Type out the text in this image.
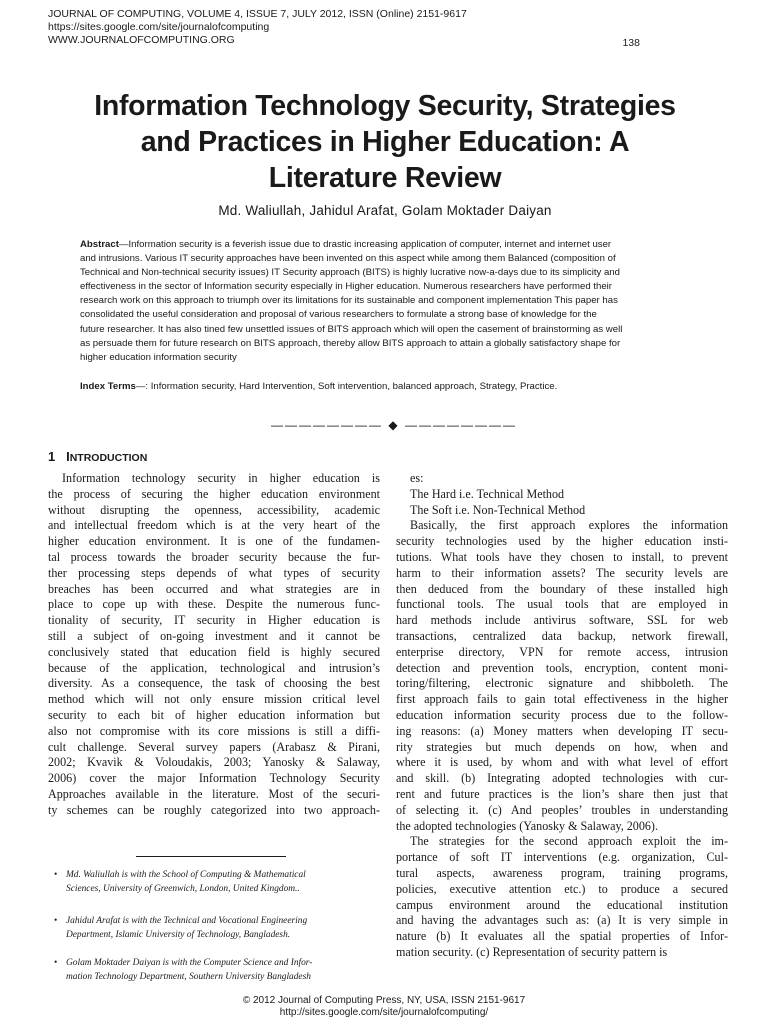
JOURNAL OF COMPUTING, VOLUME 4, ISSUE 7, JULY 2012, ISSN (Online) 2151-9617
https://sites.google.com/site/journalofcomputing
WWW.JOURNALOFCOMPUTING.ORG	138
Information Technology Security, Strategies
and Practices in Higher Education: A
Literature Review
Md. Waliullah, Jahidul Arafat, Golam Moktader Daiyan
Abstract—Information security is a feverish issue due to drastic increasing application of computer, internet and internet user
and intrusions. Various IT security approaches have been invented on this aspect while among them Balanced (composition of
Technical and Non-technical security issues) IT Security approach (BITS) is highly lucrative now-a-days due to its simplicity and
effectiveness in the sector of Information security especially in Higher education. Numerous researchers have performed their
research work on this approach to triumph over its limitations for its sustainable and component implementation This paper has
consolidated the useful consideration and proposal of various researchers to formulate a strong base of knowledge for the
future researcher. It has also tined few unsettled issues of BITS approach which will open the casement of brainstorming as well
as persuade them for future research on BITS approach, thereby allow BITS approach to attain a globally satisfactory shape for
higher education information security
Index Terms—: Information security, Hard Intervention, Soft intervention, balanced approach, Strategy, Practice.
———————— ◆ ————————
1 INTRODUCTION
Information technology security in higher education is
the process of securing the higher education environment
without disrupting the openness, accessibility, academic
and intellectual freedom which is at the very heart of the
higher education environment. It is one of the fundamen-
tal process towards the broader security because the fur-
ther processing steps depends of what types of security
breaches has been occurred and what strategies are in
place to cope up with these. Despite the numerous func-
tionality of security, IT security in Higher education is
still a subject of on-going investment and it cannot be
conclusively stated that education field is highly secured
because of the application, technological and intrusion’s
diversity. As a consequence, the task of choosing the best
method which will not only ensure mission critical level
security to each bit of higher education information but
also not compromise with its core missions is still a diffi-
cult challenge. Several survey papers (Arabasz & Pirani,
2002; Kvavik & Voloudakis, 2003; Yanosky & Salaway,
2006) cover the major Information Technology Security
Approaches available in the literature. Most of the securi-
ty schemes can be roughly categorized into two approach-
es:
The Hard i.e. Technical Method
The Soft i.e. Non-Technical Method
Basically, the first approach explores the information
security technologies used by the higher education insti-
tutions. What tools have they chosen to install, to prevent
harm to their information assets? The security levels are
then deduced from the boundary of these installed high
functional tools. The usual tools that are employed in
hard methods include antivirus software, SSL for web
transactions, centralized data backup, network firewall,
enterprise directory, VPN for remote access, intrusion
detection and prevention tools, encryption, content moni-
toring/filtering, electronic signature and shibboleth. The
first approach fails to gain total effectiveness in the higher
education information security process due to the follow-
ing reasons: (a) Money matters when developing IT secu-
rity strategies but much depends on how, when and
where it is used, by whom and with what level of effort
and skill. (b) Integrating adopted technologies with cur-
rent and future practices is the lion’s share then just that
of selecting it. (c) And peoples’ troubles in understanding
the adopted technologies (Yanosky & Salaway, 2006).
The strategies for the second approach exploit the im-
portance of soft IT interventions (e.g. organization, Cul-
tural aspects, awareness program, training programs,
policies, executive attention etc.) to produce a secured
campus environment around the educational institution
and having the advantages such as: (a) It is very simple in
nature (b) It evaluates all the spatial properties of Infor-
mation security. (c) Representation of security pattern is
• Md. Waliullah is with the School of Computing & Mathematical
Sciences, University of Greenwich, London, United Kingdom..
• Jahidul Arafat is with the Technical and Vocational Engineering
Department, Islamic University of Technology, Bangladesh.
• Golam Moktader Daiyan is with the Computer Science and Infor-
mation Technology Department, Southern University Bangladesh
© 2012 Journal of Computing Press, NY, USA, ISSN 2151-9617
http://sites.google.com/site/journalofcomputing/
